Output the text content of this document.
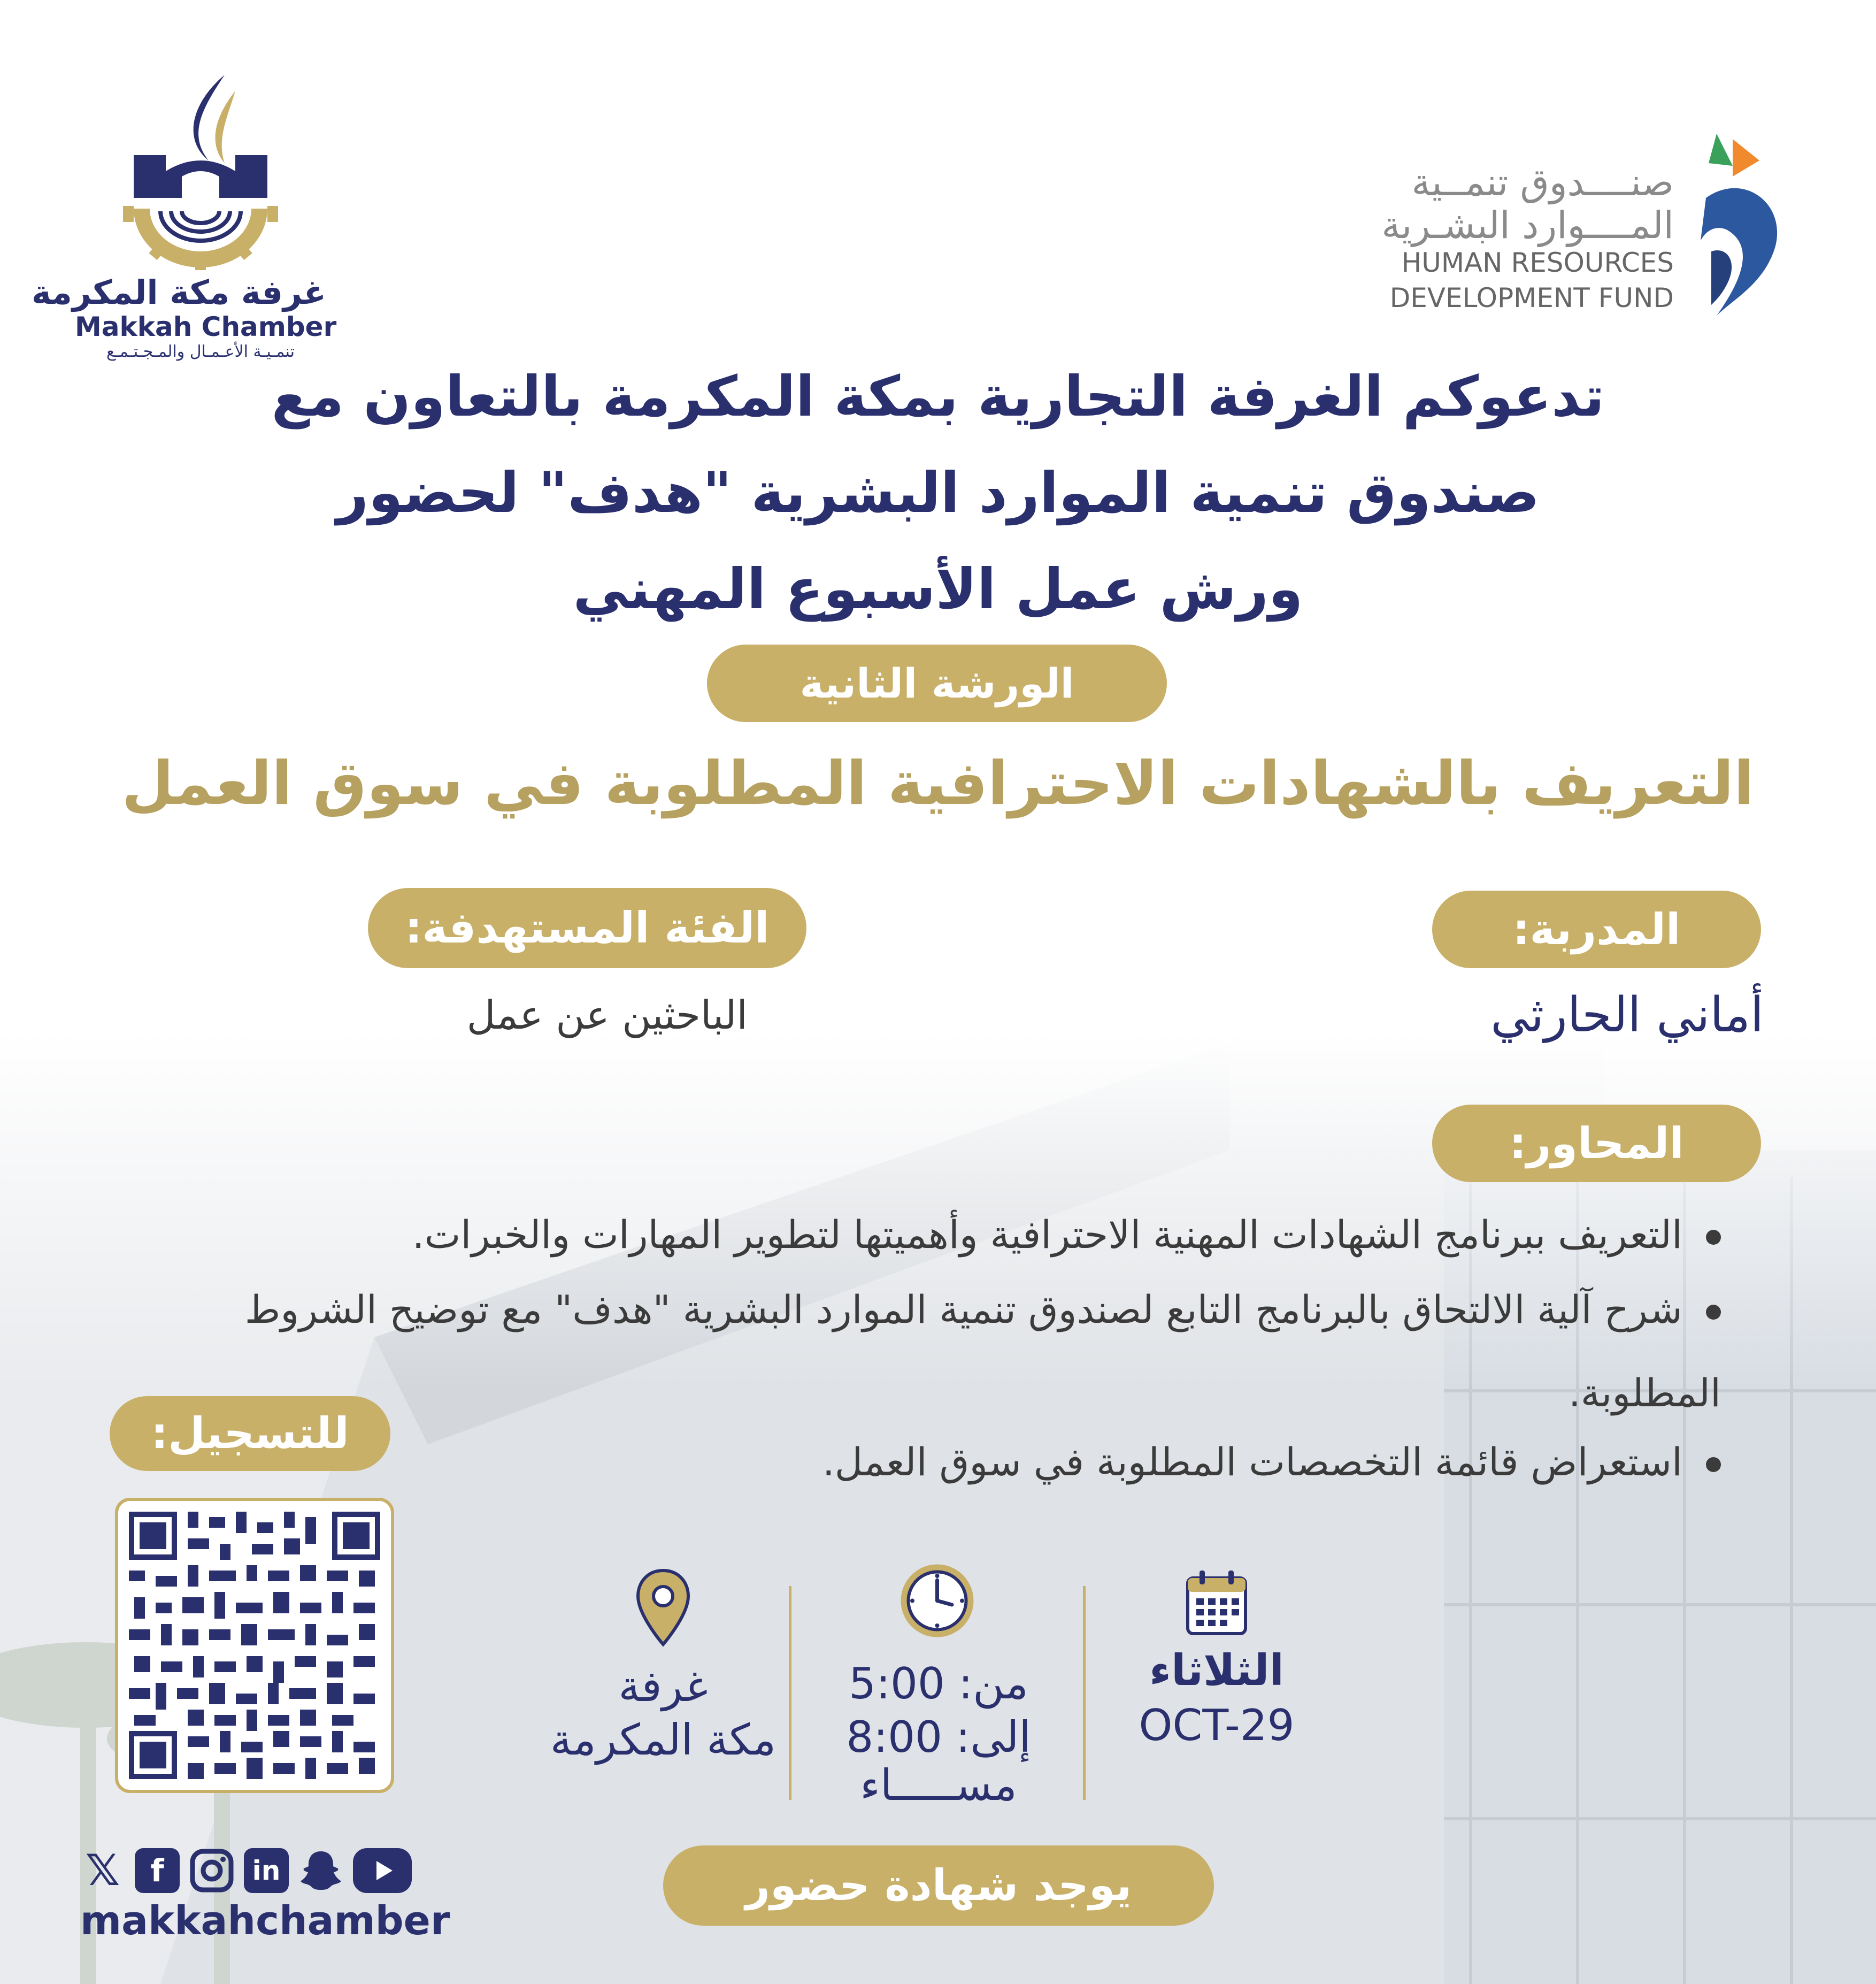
صنــــدوق تنمــية
المــــوارد البشـرية
HUMAN RESOURCES
DEVELOPMENT FUND
غرفة مكة المكرمة
Makkah Chamber
تنمـيـة الأعـمـال والمـجـتـمـع
تدعوكم الغرفة التجارية بمكة المكرمة بالتعاون مع
صندوق تنمية الموارد البشرية "هدف" لحضور
ورش عمل الأسبوع المهني
الورشة الثانية
التعريف بالشهادات الاحترافية المطلوبة في سوق العمل
المدربة:
أماني الحارثي
الفئة المستهدفة:
الباحثين عن عمل
المحاور:
التعريف ببرنامج الشهادات المهنية الاحترافية وأهميتها لتطوير المهارات والخبرات.
شرح آلية الالتحاق بالبرنامج التابع لصندوق تنمية الموارد البشرية "هدف" مع توضيح الشروط المطلوبة.
استعراض قائمة التخصصات المطلوبة في سوق العمل.
للتسجيل:
الثلاثاء
OCT-29
من: 5:00
إلى: 8:00
مســـــاء
غرفة
مكة المكرمة
يوجد شهادة حضور
𝕏 f	in
makkahchamber
